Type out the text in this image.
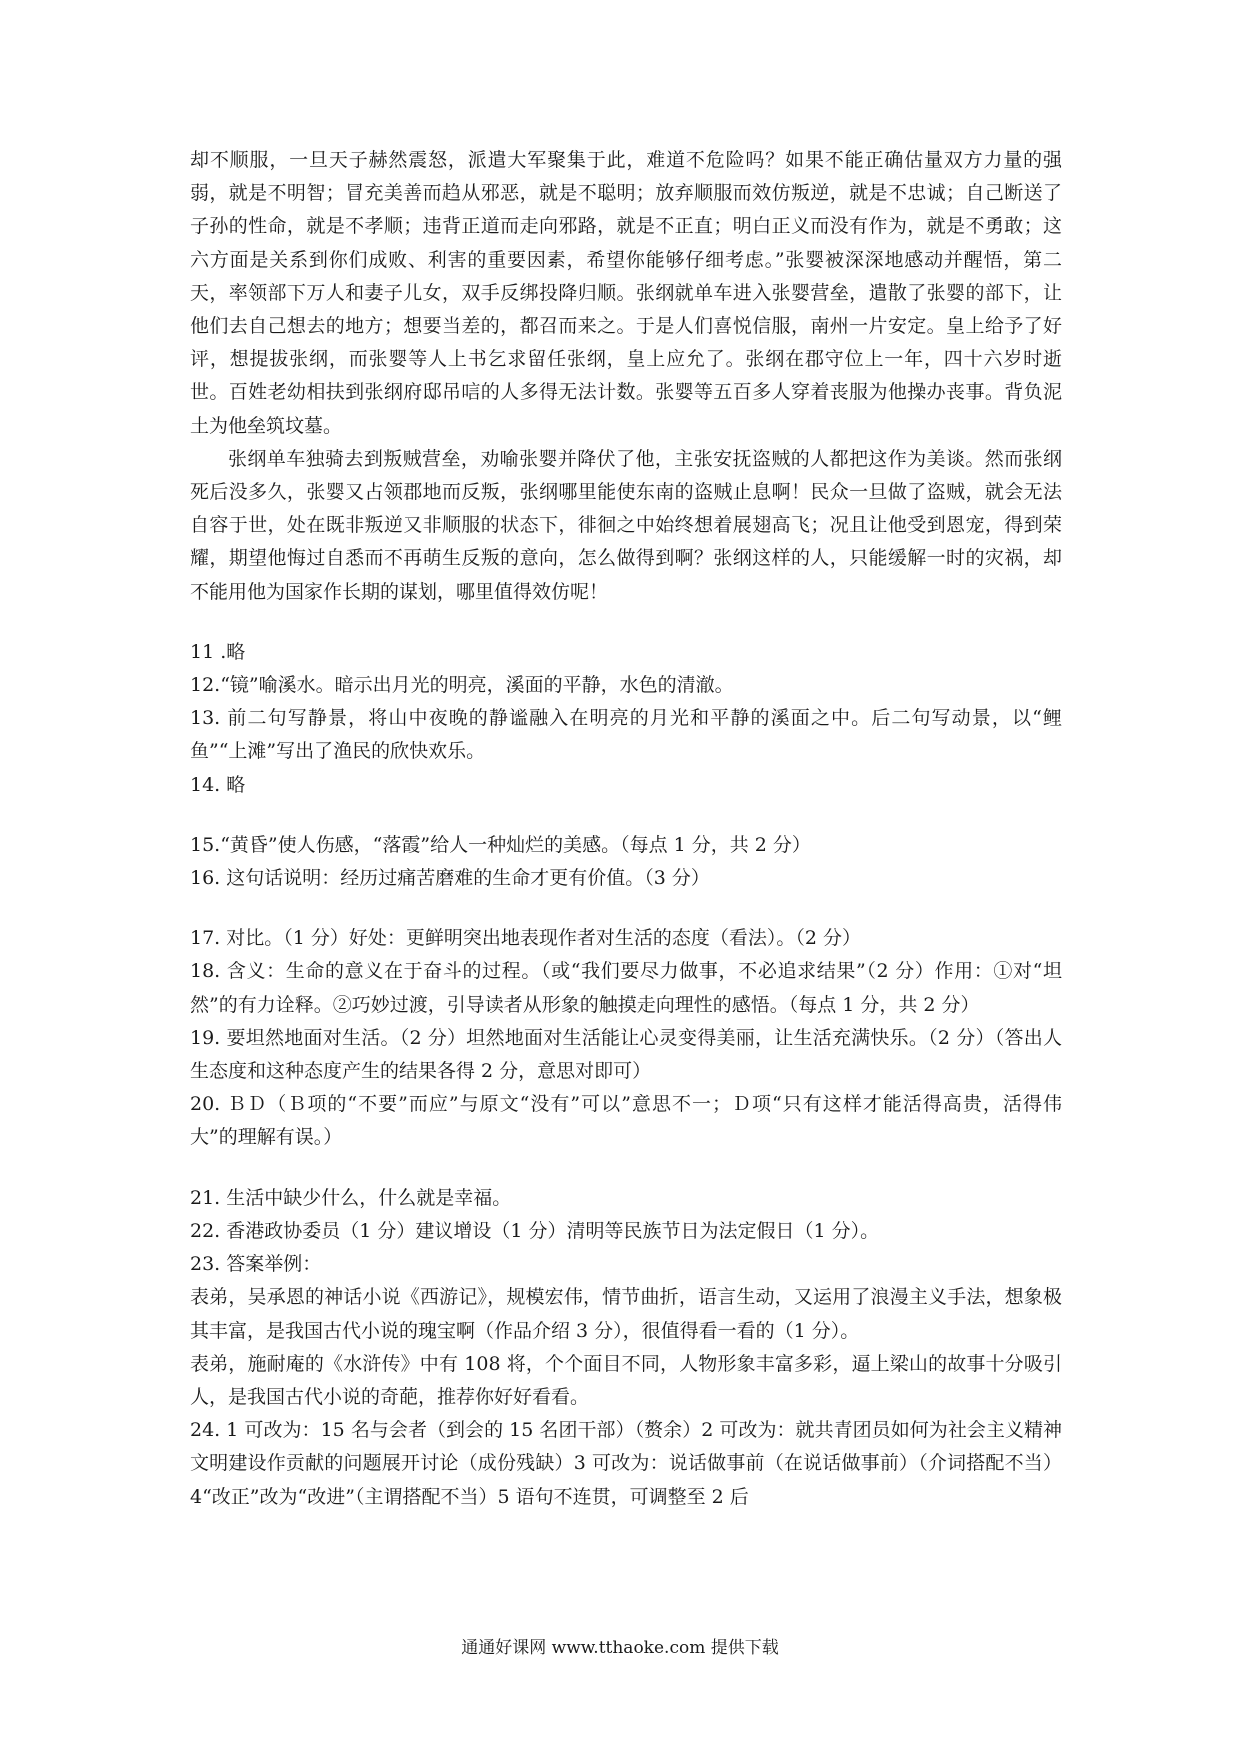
却不顺服，一旦天子赫然震怒，派遣大军聚集于此，难道不危险吗？如果不能正确估量双方力量的强弱，就是不明智；冒充美善而趋从邪恶，就是不聪明；放弃顺服而效仿叛逆，就是不忠诚；自己断送了子孙的性命，就是不孝顺；违背正道而走向邪路，就是不正直；明白正义而没有作为，就是不勇敢；这六方面是关系到你们成败、利害的重要因素，希望你能够仔细考虑。”张婴被深深地感动并醒悟，第二天，率领部下万人和妻子儿女，双手反绑投降归顺。张纲就单车进入张婴营垒，遣散了张婴的部下，让他们去自己想去的地方；想要当差的，都召而来之。于是人们喜悦信服，南州一片安定。皇上给予了好评，想提拔张纲，而张婴等人上书乞求留任张纲，皇上应允了。张纲在郡守位上一年，四十六岁时逝世。百姓老幼相扶到张纲府邸吊唁的人多得无法计数。张婴等五百多人穿着丧服为他操办丧事。背负泥土为他垒筑坟墓。

张纲单车独骑去到叛贼营垒，劝喻张婴并降伏了他，主张安抚盗贼的人都把这作为美谈。然而张纲死后没多久，张婴又占领郡地而反叛，张纲哪里能使东南的盗贼止息啊！民众一旦做了盗贼，就会无法自容于世，处在既非叛逆又非顺服的状态下，徘徊之中始终想着展翅高飞；况且让他受到恩宠，得到荣耀，期望他悔过自悉而不再萌生反叛的意向，怎么做得到啊？张纲这样的人，只能缓解一时的灾祸，却不能用他为国家作长期的谋划，哪里值得效仿呢！

11 .略

12.“镜”喻溪水。暗示出月光的明亮，溪面的平静，水色的清澈。

13. 前二句写静景，将山中夜晚的静谧融入在明亮的月光和平静的溪面之中。后二句写动景，以“鲤鱼”“上滩”写出了渔民的欣快欢乐。

14. 略

15.“黄昏”使人伤感，“落霞”给人一种灿烂的美感。（每点 1 分，共 2 分）

16. 这句话说明：经历过痛苦磨难的生命才更有价值。（3 分）

17. 对比。（1 分）好处：更鲜明突出地表现作者对生活的态度（看法）。（2 分）

18. 含义：生命的意义在于奋斗的过程。（或“我们要尽力做事，不必追求结果”（2 分）作用：①对“坦然”的有力诠释。②巧妙过渡，引导读者从形象的触摸走向理性的感悟。（每点 1 分，共 2 分）

19. 要坦然地面对生活。（2 分）坦然地面对生活能让心灵变得美丽，让生活充满快乐。（2 分）（答出人生态度和这种态度产生的结果各得 2 分，意思对即可）

20. ＢＤ（Ｂ项的“不要”而应”与原文“没有”可以”意思不一；Ｄ项“只有这样才能活得高贵，活得伟大”的理解有误。）

21. 生活中缺少什么，什么就是幸福。

22. 香港政协委员（1 分）建议增设（1 分）清明等民族节日为法定假日（1 分）。

23. 答案举例：

表弟，吴承恩的神话小说《西游记》，规模宏伟，情节曲折，语言生动，又运用了浪漫主义手法，想象极其丰富，是我国古代小说的瑰宝啊（作品介绍 3 分），很值得看一看的（1 分）。

表弟，施耐庵的《水浒传》中有 108 将，个个面目不同，人物形象丰富多彩，逼上梁山的故事十分吸引人，是我国古代小说的奇葩，推荐你好好看看。

24. 1 可改为：15 名与会者（到会的 15 名团干部）（赘余）2 可改为：就共青团员如何为社会主义精神文明建设作贡献的问题展开讨论（成份残缺）3 可改为：说话做事前（在说话做事前）（介词搭配不当）4“改正”改为“改进”（主谓搭配不当）5 语句不连贯，可调整至 2 后

通通好课网 www.tthaoke.com 提供下载
